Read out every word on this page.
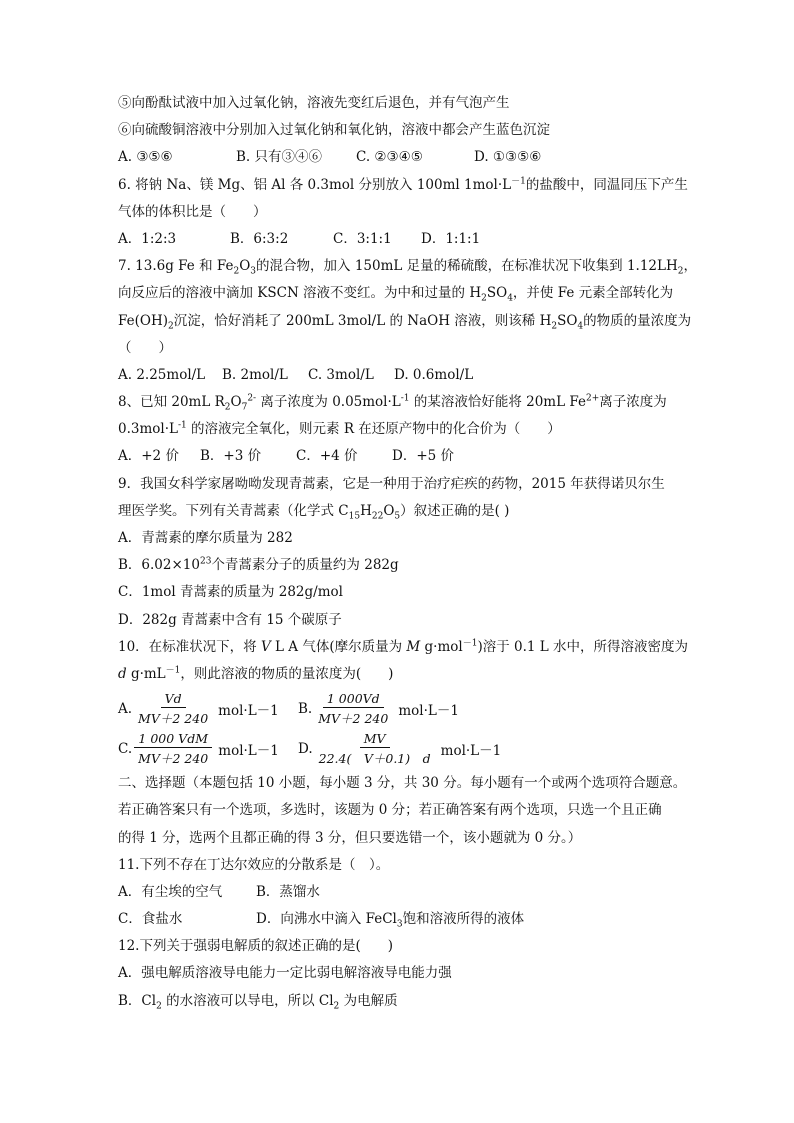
⑤向酚酞试液中加入过氧化钠，溶液先变红后退色，并有气泡产生
⑥向硫酸铜溶液中分别加入过氧化钠和氧化钠，溶液中都会产生蓝色沉淀
A. ③⑤⑥	B. 只有③④⑥	C. ②③④⑤	D. ①③⑤⑥
6. 将钠 Na、镁 Mg、铝 Al 各 0.3mol 分别放入 100ml $1mol\cdot L^{-1}$的盐酸中，同温同压下产生
气体的体积比是（　　）
A．1:2:3	B．6:3:2	C．3:1:1 D．1:1:1
7. 13.6g Fe 和 $Fe_2O_3$的混合物，加入 150mL 足量的稀硫酸，在标准状况下收集到 $1.12LH_2$，
向反应后的溶液中滴加 KSCN 溶液不变红。为中和过量的 $H_2SO_4$，并使 Fe 元素全部转化为
$Fe(OH)_2$沉淀，恰好消耗了 200mL 3mol/L 的 NaOH 溶液，则该稀 $H_2SO_4$的物质的量浓度为
（　　）
A. 2.25mol/L B. 2mol/L C. 3mol/L D. 0.6mol/L
8、已知 20mL $R_2O_7^{2-}$ 离子浓度为 $0.05mol\cdot L^{-1}$ 的某溶液恰好能将 20mL $Fe^{2+}$离子浓度为
$0.3mol\cdot L^{-1}$ 的溶液完全氧化，则元素 R 在还原产物中的化合价为（　　）
A．+2 价 B．+3 价	C．+4 价	D．+5 价
9．我国女科学家屠呦呦发现青蒿素，它是一种用于治疗疟疾的药物，2015 年获得诺贝尔生
理医学奖。下列有关青蒿素（化学式 $C_{15}H_{22}O_5$）叙述正确的是( )
A．青蒿素的摩尔质量为 282
B．$6.02\times 10^{23}$个青蒿素分子的质量约为 282g
C．1mol 青蒿素的质量为 282g/mol
D．282g 青蒿素中含有 15 个碳原子
10．在标准状况下，将 V L A 气体(摩尔质量为 M g·mol$^{-1}$)溶于 0.1 L 水中，所得溶液密度为
d $g\cdot mL^{-1}$，则此溶液的物质的量浓度为(　　)
A. $\frac{Vd}{MV+2 240} mol\cdot L-1$ B. $\frac{1 000Vd}{MV+2 240} mol\cdot L-1$
C. $\frac{\text{1 000 VdM}}{MV+2 240} mol\cdot L-1$ D. $\frac{MV}{22.4( V+0.1) d} mol\cdot L-1$
二、选择题（本题包括 10 小题，每小题 3 分，共 30 分。每小题有一个或两个选项符合题意。
若正确答案只有一个选项，多选时，该题为 0 分；若正确答案有两个选项，只选一个且正确
的得 1 分，选两个且都正确的得 3 分，但只要选错一个，该小题就为 0 分。）
11.下列不存在丁达尔效应的分散系是（　）。
A．有尘埃的空气	B．蒸馏水
C．食盐水	D．向沸水中滴入 FeCl$_3$饱和溶液所得的液体
12.下列关于强弱电解质的叙述正确的是(　　)
A．强电解质溶液导电能力一定比弱电解溶液导电能力强
B．$Cl_2$ 的水溶液可以导电，所以 $Cl_2$ 为电解质
